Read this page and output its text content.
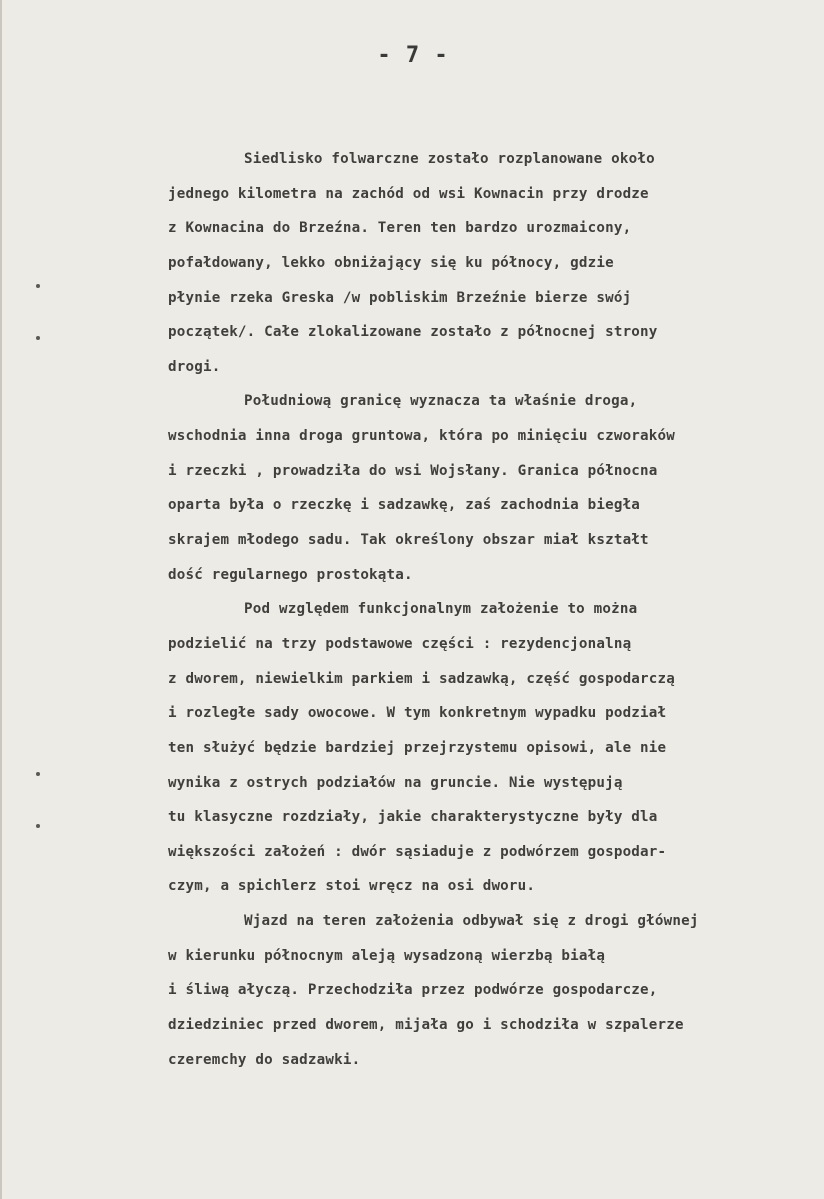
- 7 -
Siedlisko folwarczne zostało rozplanowane około
jednego kilometra na zachód od wsi Kownacin przy drodze
z Kownacina do Brzeźna. Teren ten bardzo urozmaicony,
pofałdowany, lekko obniżający się ku północy, gdzie
płynie rzeka Greska /w pobliskim Brzeźnie bierze swój
początek/. Całe zlokalizowane zostało z północnej strony
drogi.
Południową granicę wyznacza ta właśnie droga,
wschodnia inna droga gruntowa, która po minięciu czworaków
i rzeczki , prowadziła do wsi Wojsłany. Granica północna
oparta była o rzeczkę i sadzawkę, zaś zachodnia biegła
skrajem młodego sadu. Tak określony obszar miał kształt
dość regularnego prostokąta.
Pod względem funkcjonalnym założenie to można
podzielić na trzy podstawowe części : rezydencjonalną
z dworem, niewielkim parkiem i sadzawką, część gospodarczą
i rozległe sady owocowe. W tym konkretnym wypadku podział
ten służyć będzie bardziej przejrzystemu opisowi, ale nie
wynika z ostrych podziałów na gruncie. Nie występują
tu klasyczne rozdziały, jakie charakterystyczne były dla
większości założeń : dwór sąsiaduje z podwórzem gospodar-
czym, a spichlerz stoi wręcz na osi dworu.
Wjazd na teren założenia odbywał się z drogi głównej
w kierunku północnym aleją wysadzoną wierzbą białą
i śliwą ałyczą. Przechodziła przez podwórze gospodarcze,
dziedziniec przed dworem, mijała go i schodziła w szpalerze
czeremchy do sadzawki.
